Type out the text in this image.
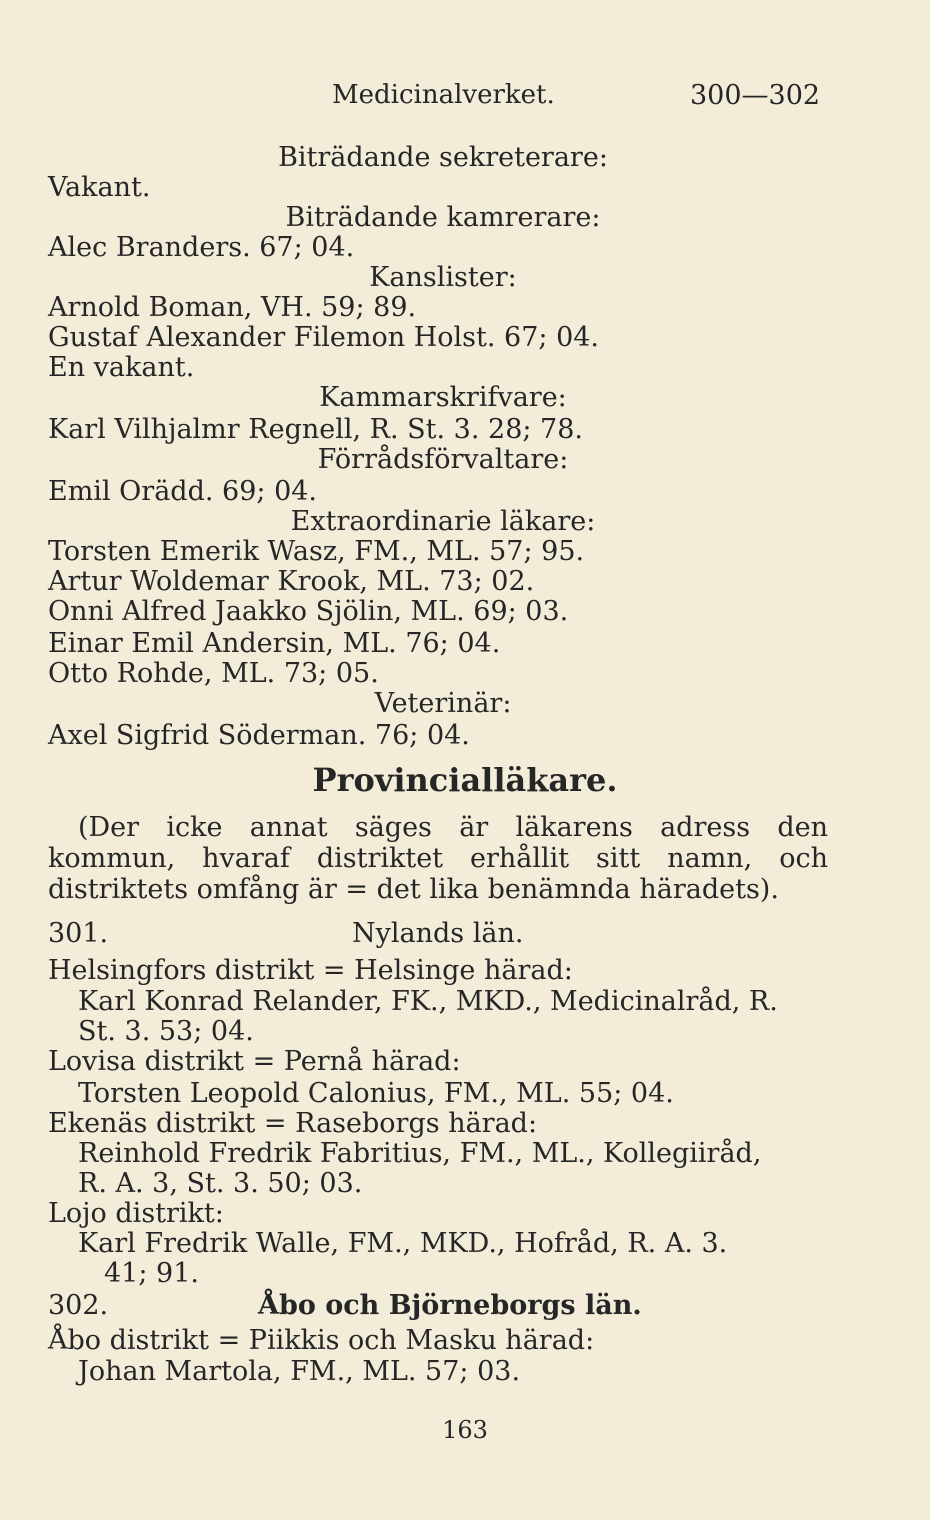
Medicinalverket.	300—302
Biträdande sekreterare:
Vakant.
Biträdande kamrerare:
Alec Branders. 67; 04.
Kanslister:
Arnold Boman, VH. 59; 89.
Gustaf Alexander Filemon Holst. 67; 04.
En vakant.
Kammarskrifvare:
Karl Vilhjalmr Regnell, R. St. 3. 28; 78.
Förrådsförvaltare:
Emil Orädd. 69; 04.
Extraordinarie läkare:
Torsten Emerik Wasz, FM., ML. 57; 95.
Artur Woldemar Krook, ML. 73; 02.
Onni Alfred Jaakko Sjölin, ML. 69; 03.
Einar Emil Andersin, ML. 76; 04.
Otto Rohde, ML. 73; 05.
Veterinär:
Axel Sigfrid Söderman. 76; 04.
Provincialläkare.
(Der icke annat säges är läkarens adress den kommun, hvaraf distriktet erhållit sitt namn, och distriktets omfång är = det lika benämnda häradets).
301.	Nylands län.
Helsingfors distrikt = Helsinge härad:
Karl Konrad Relander, FK., MKD., Medicinalråd, R.
St. 3. 53; 04.
Lovisa distrikt = Pernå härad:
Torsten Leopold Calonius, FM., ML. 55; 04.
Ekenäs distrikt = Raseborgs härad:
Reinhold Fredrik Fabritius, FM., ML., Kollegiiråd,
R. A. 3, St. 3. 50; 03.
Lojo distrikt:
Karl Fredrik Walle, FM., MKD., Hofråd, R. A. 3.
41; 91.
302.	Åbo och Björneborgs län.
Åbo distrikt = Piikkis och Masku härad:
Johan Martola, FM., ML. 57; 03.
163
